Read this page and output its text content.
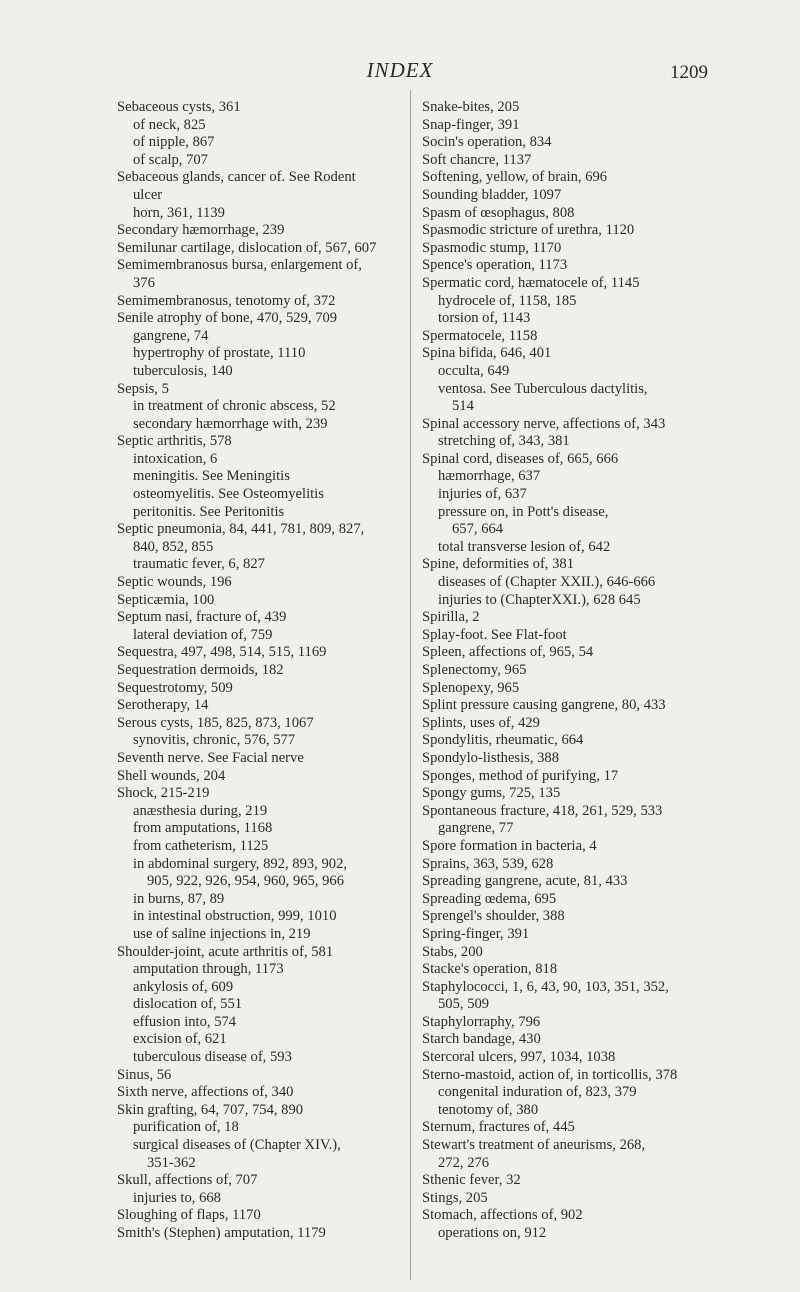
INDEX	1209
Sebaceous cysts, 361
of neck, 825
of nipple, 867
of scalp, 707
Sebaceous glands, cancer of. See Rodent
ulcer
horn, 361, 1139
Secondary hæmorrhage, 239
Semilunar cartilage, dislocation of, 567, 607
Semimembranosus bursa, enlargement of,
376
Semimembranosus, tenotomy of, 372
Senile atrophy of bone, 470, 529, 709
gangrene, 74
hypertrophy of prostate, 1110
tuberculosis, 140
Sepsis, 5
in treatment of chronic abscess, 52
secondary hæmorrhage with, 239
Septic arthritis, 578
intoxication, 6
meningitis. See Meningitis
osteomyelitis. See Osteomyelitis
peritonitis. See Peritonitis
Septic pneumonia, 84, 441, 781, 809, 827,
840, 852, 855
traumatic fever, 6, 827
Septic wounds, 196
Septicæmia, 100
Septum nasi, fracture of, 439
lateral deviation of, 759
Sequestra, 497, 498, 514, 515, 1169
Sequestration dermoids, 182
Sequestrotomy, 509
Serotherapy, 14
Serous cysts, 185, 825, 873, 1067
synovitis, chronic, 576, 577
Seventh nerve. See Facial nerve
Shell wounds, 204
Shock, 215-219
anæsthesia during, 219
from amputations, 1168
from catheterism, 1125
in abdominal surgery, 892, 893, 902,
905, 922, 926, 954, 960, 965, 966
in burns, 87, 89
in intestinal obstruction, 999, 1010
use of saline injections in, 219
Shoulder-joint, acute arthritis of, 581
amputation through, 1173
ankylosis of, 609
dislocation of, 551
effusion into, 574
excision of, 621
tuberculous disease of, 593
Sinus, 56
Sixth nerve, affections of, 340
Skin grafting, 64, 707, 754, 890
purification of, 18
surgical diseases of (Chapter XIV.),
351-362
Skull, affections of, 707
injuries to, 668
Sloughing of flaps, 1170
Smith's (Stephen) amputation, 1179
Snake-bites, 205
Snap-finger, 391
Socin's operation, 834
Soft chancre, 1137
Softening, yellow, of brain, 696
Sounding bladder, 1097
Spasm of œsophagus, 808
Spasmodic stricture of urethra, 1120
Spasmodic stump, 1170
Spence's operation, 1173
Spermatic cord, hæmatocele of, 1145
hydrocele of, 1158, 185
torsion of, 1143
Spermatocele, 1158
Spina bifida, 646, 401
occulta, 649
ventosa. See Tuberculous dactylitis,
514
Spinal accessory nerve, affections of, 343
stretching of, 343, 381
Spinal cord, diseases of, 665, 666
hæmorrhage, 637
injuries of, 637
pressure on, in Pott's disease,
657, 664
total transverse lesion of, 642
Spine, deformities of, 381
diseases of (Chapter XXII.), 646-666
injuries to (ChapterXXI.), 628 645
Spirilla, 2
Splay-foot. See Flat-foot
Spleen, affections of, 965, 54
Splenectomy, 965
Splenopexy, 965
Splint pressure causing gangrene, 80, 433
Splints, uses of, 429
Spondylitis, rheumatic, 664
Spondylo-listhesis, 388
Sponges, method of purifying, 17
Spongy gums, 725, 135
Spontaneous fracture, 418, 261, 529, 533
gangrene, 77
Spore formation in bacteria, 4
Sprains, 363, 539, 628
Spreading gangrene, acute, 81, 433
Spreading œdema, 695
Sprengel's shoulder, 388
Spring-finger, 391
Stabs, 200
Stacke's operation, 818
Staphylococci, 1, 6, 43, 90, 103, 351, 352,
505, 509
Staphylorraphy, 796
Starch bandage, 430
Stercoral ulcers, 997, 1034, 1038
Sterno-mastoid, action of, in torticollis, 378
congenital induration of, 823, 379
tenotomy of, 380
Sternum, fractures of, 445
Stewart's treatment of aneurisms, 268,
272, 276
Sthenic fever, 32
Stings, 205
Stomach, affections of, 902
operations on, 912
